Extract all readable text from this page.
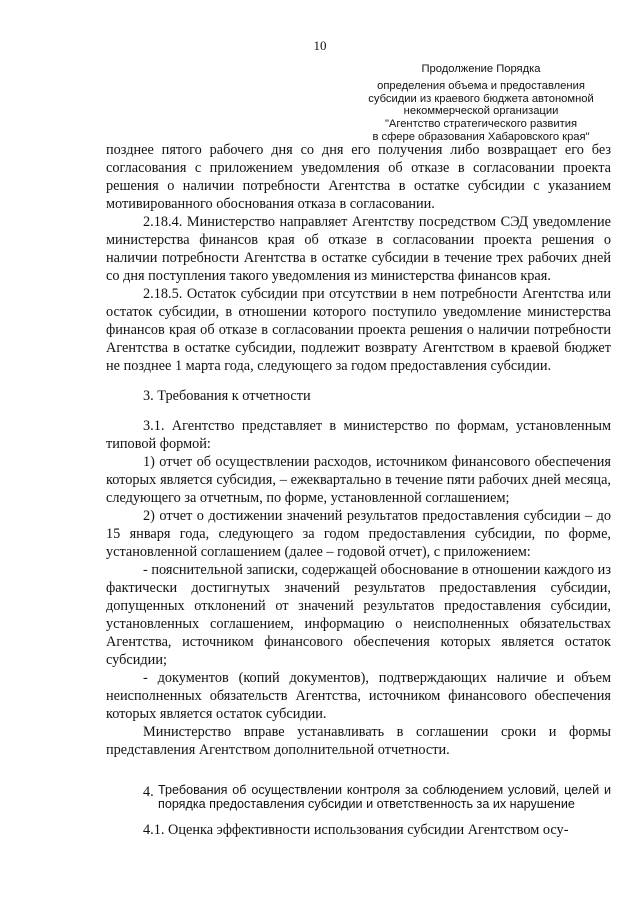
10
Продолжение Порядка
определения объема и предоставления
субсидии из краевого бюджета автономной
некоммерческой организации
"Агентство стратегического развития
в сфере образования Хабаровского края"

позднее пятого рабочего дня со дня его получения либо возвращает его без согласования с приложением уведомления об отказе в согласовании проекта решения о наличии потребности Агентства в остатке субсидии с указанием мотивированного обоснования отказа в согласовании.

2.18.4. Министерство направляет Агентству посредством СЭД уведомление министерства финансов края об отказе в согласовании проекта решения о наличии потребности Агентства в остатке субсидии в течение трех рабочих дней со дня поступления такого уведомления из министерства финансов края.

2.18.5. Остаток субсидии при отсутствии в нем потребности Агентства или остаток субсидии, в отношении которого поступило уведомление министерства финансов края об отказе в согласовании проекта решения о наличии потребности Агентства в остатке субсидии, подлежит возврату Агентством в краевой бюджет не позднее 1 марта года, следующего за годом предоставления субсидии.

3. Требования к отчетности

3.1. Агентство представляет в министерство по формам, установленным типовой формой:

1) отчет об осуществлении расходов, источником финансового обеспечения которых является субсидия, – ежеквартально в течение пяти рабочих дней месяца, следующего за отчетным, по форме, установленной соглашением;

2) отчет о достижении значений результатов предоставления субсидии – до 15 января года, следующего за годом предоставления субсидии, по форме, установленной соглашением (далее – годовой отчет), с приложением:

- пояснительной записки, содержащей обоснование в отношении каждого из фактически достигнутых значений результатов предоставления субсидии, допущенных отклонений от значений результатов предоставления субсидии, установленных соглашением, информацию о неисполненных обязательствах Агентства, источником финансового обеспечения которых является остаток субсидии;

- документов (копий документов), подтверждающих наличие и объем неисполненных обязательств Агентства, источником финансового обеспечения которых является остаток субсидии.

Министерство вправе устанавливать в соглашении сроки и формы представления Агентством дополнительной отчетности.

4. Требования об осуществлении контроля за соблюдением условий, целей и порядка предоставления субсидии и ответственность за их нарушение

4.1. Оценка эффективности использования субсидии Агентством осу-
